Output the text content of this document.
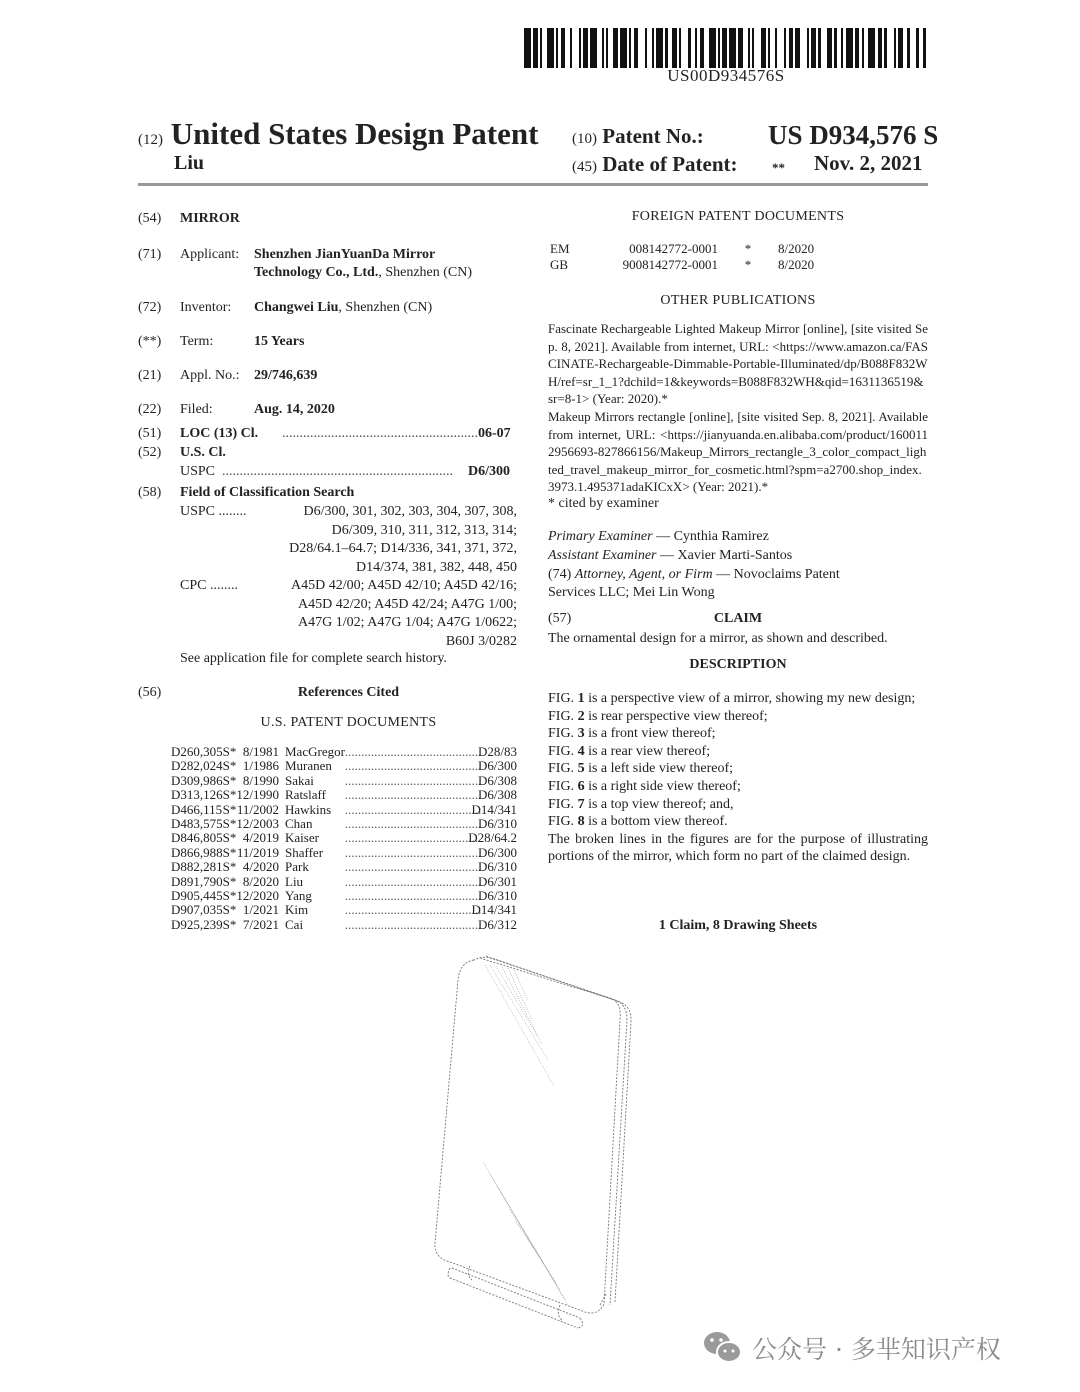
US00D934576S
(12) United States Design Patent
Liu
(10) Patent No.: US D934,576 S
(45) Date of Patent:	** Nov. 2, 2021
(54) MIRROR
(71) Applicant: Shenzhen JianYuanDa Mirror
Technology Co., Ltd., Shenzhen (CN)
(72) Inventor: Changwei Liu, Shenzhen (CN)
(**) Term:	15 Years
(21) Appl. No.: 29/746,639
(22) Filed:	Aug. 14, 2020
(51) LOC (13) Cl. ........................................................ 06-07
(52) U.S. Cl.
USPC ..................................................................	D6/300
(58) Field of Classification Search
USPC ........	D6/300, 301, 302, 303, 304, 307, 308,
D6/309, 310, 311, 312, 313, 314;
D28/64.1–64.7; D14/336, 341, 371, 372,
D14/374, 381, 382, 448, 450
CPC ........	A45D 42/00; A45D 42/10; A45D 42/16;
A45D 42/20; A45D 42/24; A47G 1/00;
A47G 1/02; A47G 1/04; A47G 1/0622;
B60J 3/0282
See application file for complete search history.
(56)	References Cited
U.S. PATENT DOCUMENTS
D260,305	S	*	8/1981	MacGregor	..........................................	D28/83
D282,024	S	*	1/1986	Muranen	..........................................	D6/300
D309,986	S	*	8/1990	Sakai	..........................................	D6/308
D313,126	S	*	12/1990	Ratslaff	..........................................	D6/308
D466,115	S	*	11/2002	Hawkins	..........................................	D14/341
D483,575	S	*	12/2003	Chan	..........................................	D6/310
D846,805	S	*	4/2019	Kaiser	..........................................	D28/64.2
D866,988	S	*	11/2019	Shaffer	..........................................	D6/300
D882,281	S	*	4/2020	Park	..........................................	D6/310
D891,790	S	*	8/2020	Liu	..........................................	D6/301
D905,445	S	*	12/2020	Yang	..........................................	D6/310
D907,035	S	*	1/2021	Kim	..........................................	D14/341
D925,239	S	*	7/2021	Cai	..........................................	D6/312
FOREIGN PATENT DOCUMENTS
EM	008142772-0001	*	8/2020
GB	9008142772-0001	*	8/2020
OTHER PUBLICATIONS
Fascinate Rechargeable Lighted Makeup Mirror [online], [site visited Sep. 8, 2021]. Available from internet, URL: <https://www.amazon.ca/FASCINATE-Rechargeable-Dimmable-Portable-Illuminated/dp/B088F832WH/ref=sr_1_1?dchild=1&keywords=B088F832WH&qid=1631136519&sr=8-1> (Year: 2020).*
Makeup Mirrors rectangle [online], [site visited Sep. 8, 2021]. Available from internet, URL: <https://jianyuanda.en.alibaba.com/product/1600112956693-827866156/Makeup_Mirrors_rectangle_3_color_compact_lighted_travel_makeup_mirror_for_cosmetic.html?spm=a2700.shop_index.3973.1.495371adaKICxX> (Year: 2021).*
* cited by examiner
Primary Examiner — Cynthia Ramirez
Assistant Examiner — Xavier Marti-Santos
(74) Attorney, Agent, or Firm — Novoclaims Patent
Services LLC; Mei Lin Wong
(57)	CLAIM
The ornamental design for a mirror, as shown and described.
DESCRIPTION
FIG. 1 is a perspective view of a mirror, showing my new design;
FIG. 2 is rear perspective view thereof;
FIG. 3 is a front view thereof;
FIG. 4 is a rear view thereof;
FIG. 5 is a left side view thereof;
FIG. 6 is a right side view thereof;
FIG. 7 is a top view thereof; and,
FIG. 8 is a bottom view thereof.

The broken lines in the figures are for the purpose of illustrating portions of the mirror, which form no part of the claimed design.

1 Claim, 8 Drawing Sheets
公众号 · 多芈知识产权
